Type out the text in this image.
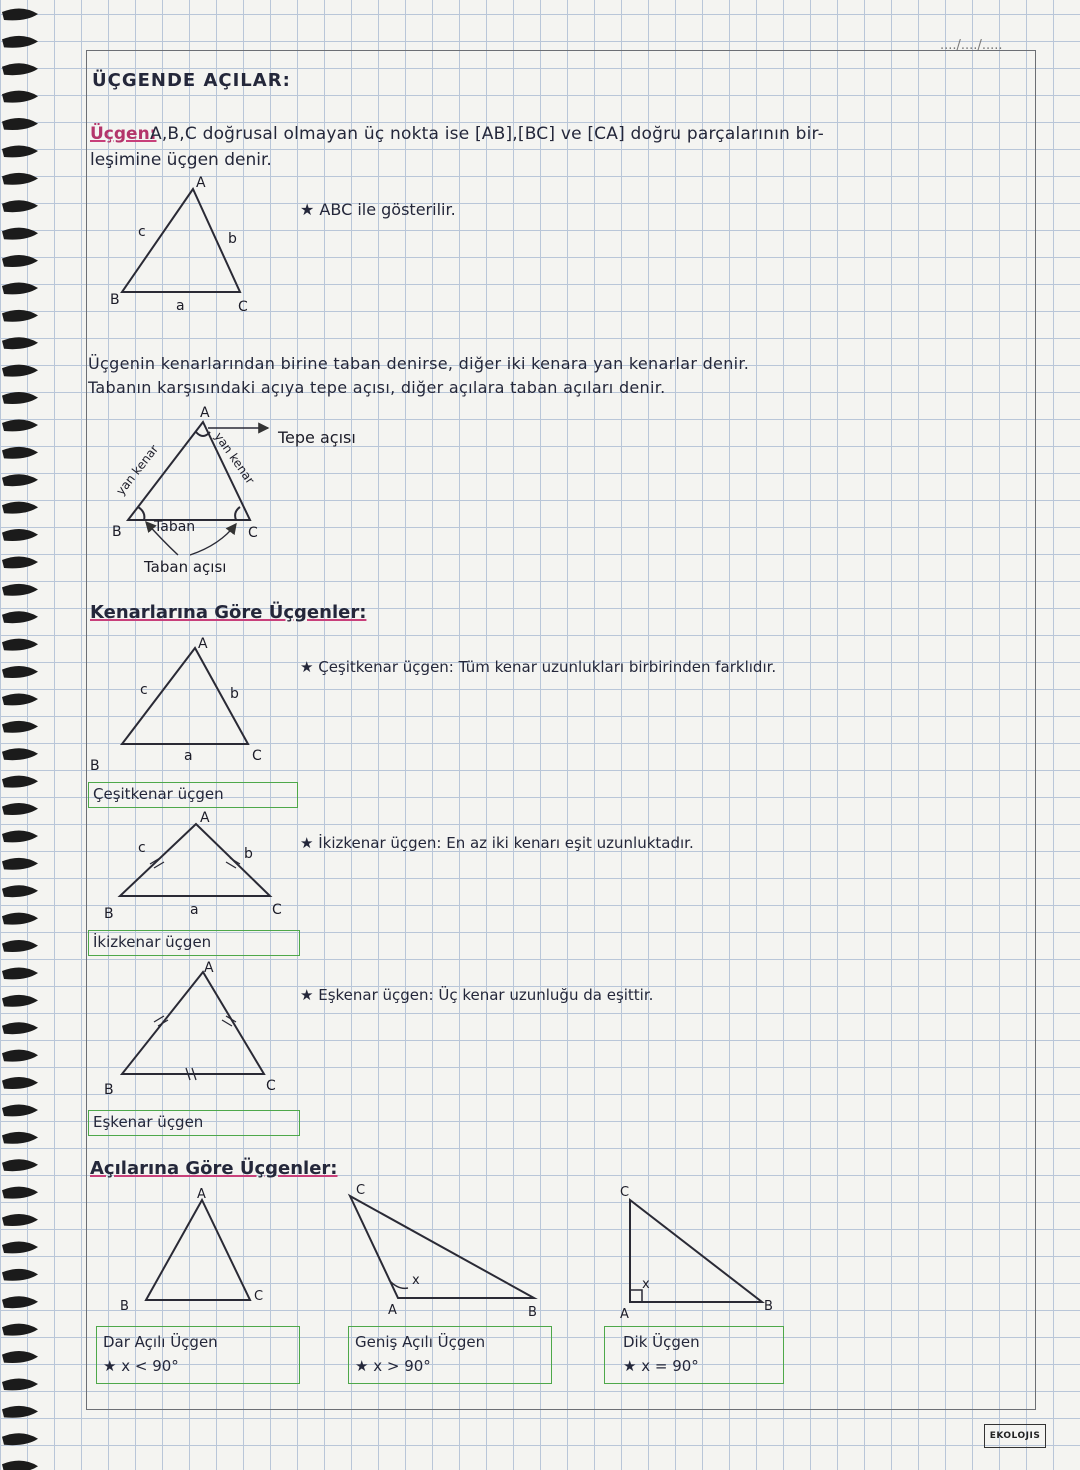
..../..../.....
ÜÇGENDE AÇILAR:
Üçgen:
A,B,C doğrusal olmayan üç nokta ise [AB],[BC] ve [CA] doğru parçalarının bir-
leşimine üçgen denir.
★ ABC ile gösterilir.
Üçgenin kenarlarından birine taban denirse, diğer iki kenara yan kenarlar denir.
Tabanın karşısındaki açıya tepe açısı, diğer açılara taban açıları denir.
Kenarlarına Göre Üçgenler:
★ Çeşitkenar üçgen: Tüm kenar uzunlukları birbirinden farklıdır.
★ İkizkenar üçgen: En az iki kenarı eşit uzunluktadır.
★ Eşkenar üçgen: Üç kenar uzunluğu da eşittir.
Çeşitkenar üçgen
İkizkenar üçgen
Eşkenar üçgen
Açılarına Göre Üçgenler:
Dar Açılı Üçgen
★ x < 90°
Geniş Açılı Üçgen
★ x > 90°
Dik Üçgen
★ x = 90°
EKOLOJIS
A
B	C
a
b
c
A
B	C
Tepe açısı
Taban
Taban açısı
yan kenar	yan kenar
A
B
C
a
b
c
A
B	C
a
b
c
A
B	C
A
B
C
C
A	B
x
C
A
B
x
